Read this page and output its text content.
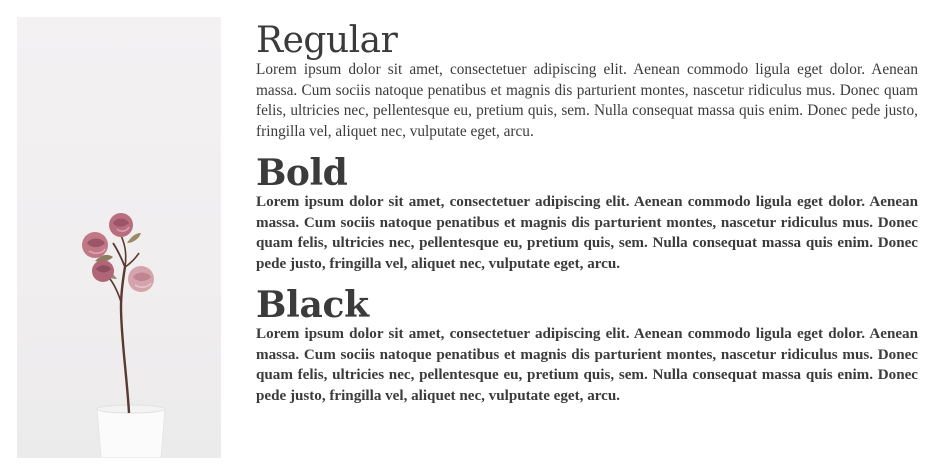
Regular

Lorem ipsum dolor sit amet, consectetuer adipiscing elit. Aenean commodo ligula eget dolor. Aenean massa. Cum sociis natoque penatibus et magnis dis parturient montes, nascetur ridiculus mus. Donec quam felis, ultricies nec, pellentesque eu, pretium quis, sem. Nulla consequat massa quis enim. Donec pede justo, fringilla vel, aliquet nec, vulputate eget, arcu.

Bold

Lorem ipsum dolor sit amet, consectetuer adipiscing elit. Aenean commodo ligula eget dolor. Aenean massa. Cum sociis natoque penatibus et magnis dis parturient montes, nascetur ridiculus mus. Donec quam felis, ultricies nec, pellentesque eu, pretium quis, sem. Nulla consequat massa quis enim. Donec pede justo, fringilla vel, aliquet nec, vulputate eget, arcu.

Black

Lorem ipsum dolor sit amet, consectetuer adipiscing elit. Aenean commodo ligula eget dolor. Aenean massa. Cum sociis natoque penatibus et magnis dis parturient montes, nascetur ridiculus mus. Donec quam felis, ultricies nec, pellentesque eu, pretium quis, sem. Nulla consequat massa quis enim. Donec pede justo, fringilla vel, aliquet nec, vulputate eget, arcu.
